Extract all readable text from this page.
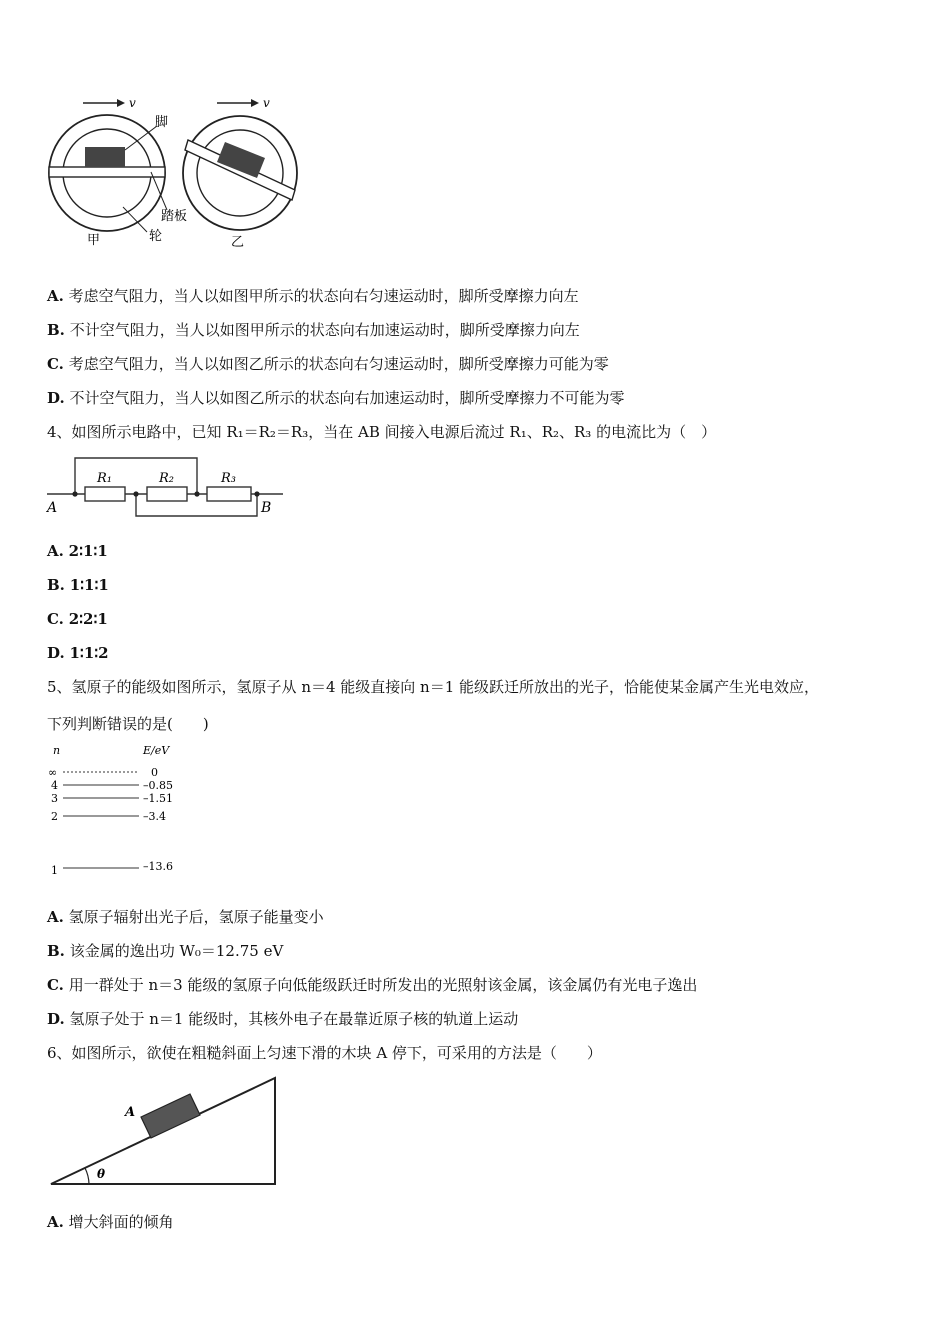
v	v
脚
踏板
轮
甲	乙
A. 考虑空气阻力，当人以如图甲所示的状态向右匀速运动时，脚所受摩擦力向左
B. 不计空气阻力，当人以如图甲所示的状态向右加速运动时，脚所受摩擦力向左
C. 考虑空气阻力，当人以如图乙所示的状态向右匀速运动时，脚所受摩擦力可能为零
D. 不计空气阻力，当人以如图乙所示的状态向右加速运动时，脚所受摩擦力不可能为零
4、如图所示电路中，已知 R₁＝R₂＝R₃，当在 AB 间接入电源后流过 R₁、R₂、R₃ 的电流比为（　）
R₁	R₂	R₃
A	B
A. 2∶1∶1
B. 1∶1∶1
C. 2∶2∶1
D. 1∶1∶2
5、氢原子的能级如图所示，氢原子从 n＝4 能级直接向 n＝1 能级跃迁所放出的光子，恰能使某金属产生光电效应，
下列判断错误的是(　　)
n	E/eV
∞	0
4	–0.85
3	–1.51
2	–3.4
1	–13.6
A. 氢原子辐射出光子后，氢原子能量变小
B. 该金属的逸出功 W₀＝12.75 eV
C. 用一群处于 n＝3 能级的氢原子向低能级跃迁时所发出的光照射该金属，该金属仍有光电子逸出
D. 氢原子处于 n＝1 能级时，其核外电子在最靠近原子核的轨道上运动
6、如图所示，欲使在粗糙斜面上匀速下滑的木块 A 停下，可采用的方法是（　　）
A
θ
A. 增大斜面的倾角
